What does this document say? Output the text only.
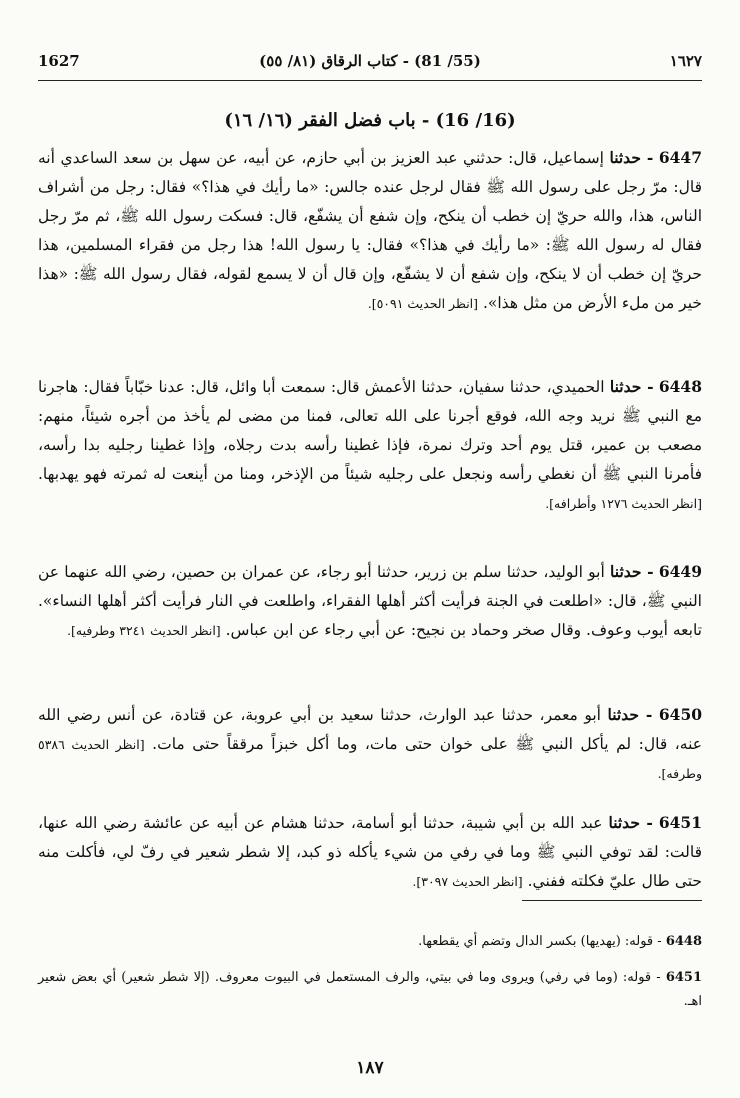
1627	(55/ 81) - كتاب الرقاق (٨١/ ٥٥)	١٦٢٧
(16/ 16) - باب فضل الفقر (١٦/ ١٦)
6447 - حدثنا إسماعيل، قال: حدثني عبد العزيز بن أبي حازم، عن أبيه، عن سهل بن سعد الساعدي أنه قال: مرّ رجل على رسول الله ﷺ فقال لرجل عنده جالس: «ما رأيك في هذا؟» فقال: رجل من أشراف الناس، هذا، والله حريّ إن خطب أن ينكح، وإن شفع أن يشفّع، قال: فسكت رسول الله ﷺ، ثم مرّ رجل فقال له رسول الله ﷺ: «ما رأيك في هذا؟» فقال: يا رسول الله! هذا رجل من فقراء المسلمين، هذا حريّ إن خطب أن لا ينكح، وإن شفع أن لا يشفّع، وإن قال أن لا يسمع لقوله، فقال رسول الله ﷺ: «هذا خير من ملء الأرض من مثل هذا». [انظر الحديث ٥٠٩١].
6448 - حدثنا الحميدي، حدثنا سفيان، حدثنا الأعمش قال: سمعت أبا وائل، قال: عدنا خبّاباً فقال: هاجرنا مع النبي ﷺ نريد وجه الله، فوقع أجرنا على الله تعالى، فمنا من مضى لم يأخذ من أجره شيئاً، منهم: مصعب بن عمير، قتل يوم أحد وترك نمرة، فإذا غطينا رأسه بدت رجلاه، وإذا غطينا رجليه بدا رأسه، فأمرنا النبي ﷺ أن نغطي رأسه ونجعل على رجليه شيئاً من الإذخر، ومنا من أينعت له ثمرته فهو يهدبها. [انظر الحديث ١٢٧٦ وأطرافه].
6449 - حدثنا أبو الوليد، حدثنا سلم بن زرير، حدثنا أبو رجاء، عن عمران بن حصين، رضي الله عنهما عن النبي ﷺ، قال: «اطلعت في الجنة فرأيت أكثر أهلها الفقراء، واطلعت في النار فرأيت أكثر أهلها النساء». تابعه أيوب وعوف. وقال صخر وحماد بن نجيح: عن أبي رجاء عن ابن عباس. [انظر الحديث ٣٢٤١ وطرفيه].
6450 - حدثنا أبو معمر، حدثنا عبد الوارث، حدثنا سعيد بن أبي عروبة، عن قتادة، عن أنس رضي الله عنه، قال: لم يأكل النبي ﷺ على خوان حتى مات، وما أكل خبزاً مرققاً حتى مات. [انظر الحديث ٥٣٨٦ وطرفه].
6451 - حدثنا عبد الله بن أبي شيبة، حدثنا أبو أسامة، حدثنا هشام عن أبيه عن عائشة رضي الله عنها، قالت: لقد توفي النبي ﷺ وما في رفي من شيء يأكله ذو كبد، إلا شطر شعير في رفّ لي، فأكلت منه حتى طال عليّ فكلته ففني. [انظر الحديث ٣٠٩٧].
6448 - قوله: (يهديها) بكسر الدال وتضم أي يقطعها.
6451 - قوله: (وما في رفي) ويروى وما في بيتي، والرف المستعمل في البيوت معروف. (إلا شطر شعير) أي بعض شعير اهـ.
١٨٧
